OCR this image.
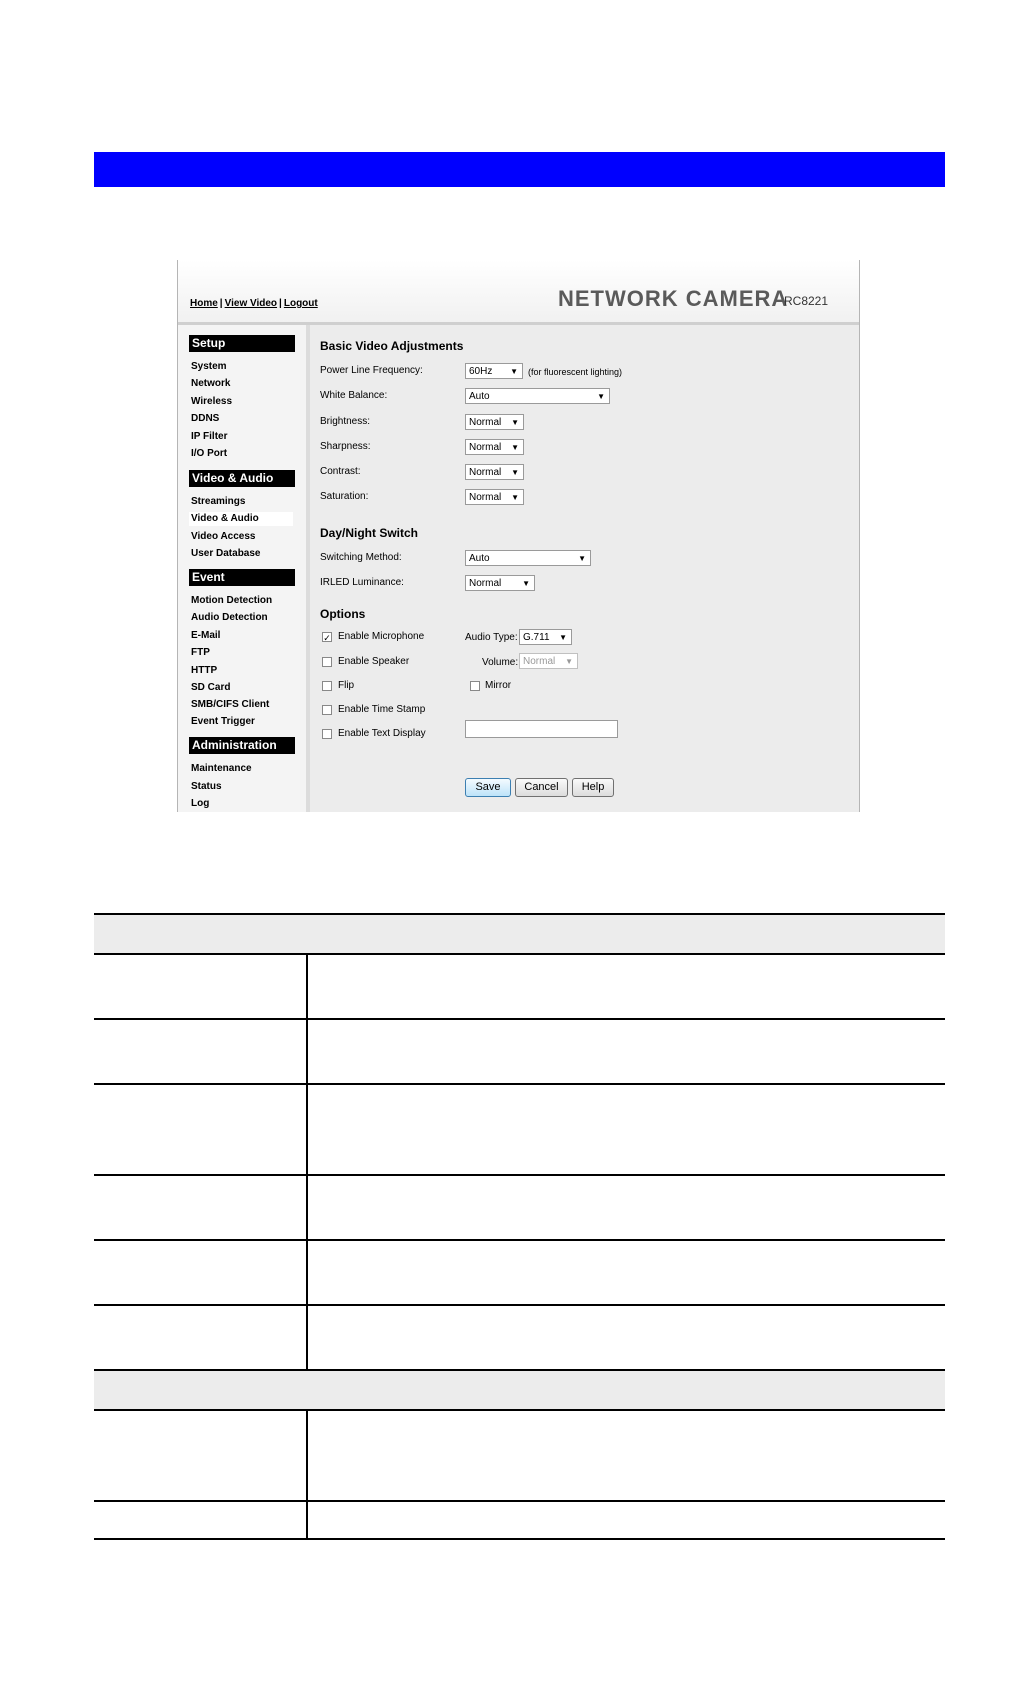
Home | View Video | Logout	NETWORK CAMERA
RC8221
Setup
System
Network
Wireless
DDNS
IP Filter
I/O Port
Video & Audio
Streamings
Video & Audio
Video Access
User Database
Event
Motion Detection
Audio Detection
E-Mail
FTP
HTTP
SD Card
SMB/CIFS Client
Event Trigger
Administration
Maintenance
Status
Log
Basic Video Adjustments
Power Line Frequency:	60Hz ▼ (for fluorescent lighting)
White Balance:	Auto	▼
Brightness:	Normal ▼
Sharpness:	Normal ▼
Contrast:	Normal ▼
Saturation:	Normal ▼
Day/Night Switch
Switching Method:	Auto	▼
IRLED Luminance:	Normal	▼
Options
✓ Enable Microphone	Audio Type: G.711 ▼
Enable Speaker	Volume: Normal ▼
Flip	Mirror
Enable Time Stamp
Enable Text Display
Save	Cancel	Help
